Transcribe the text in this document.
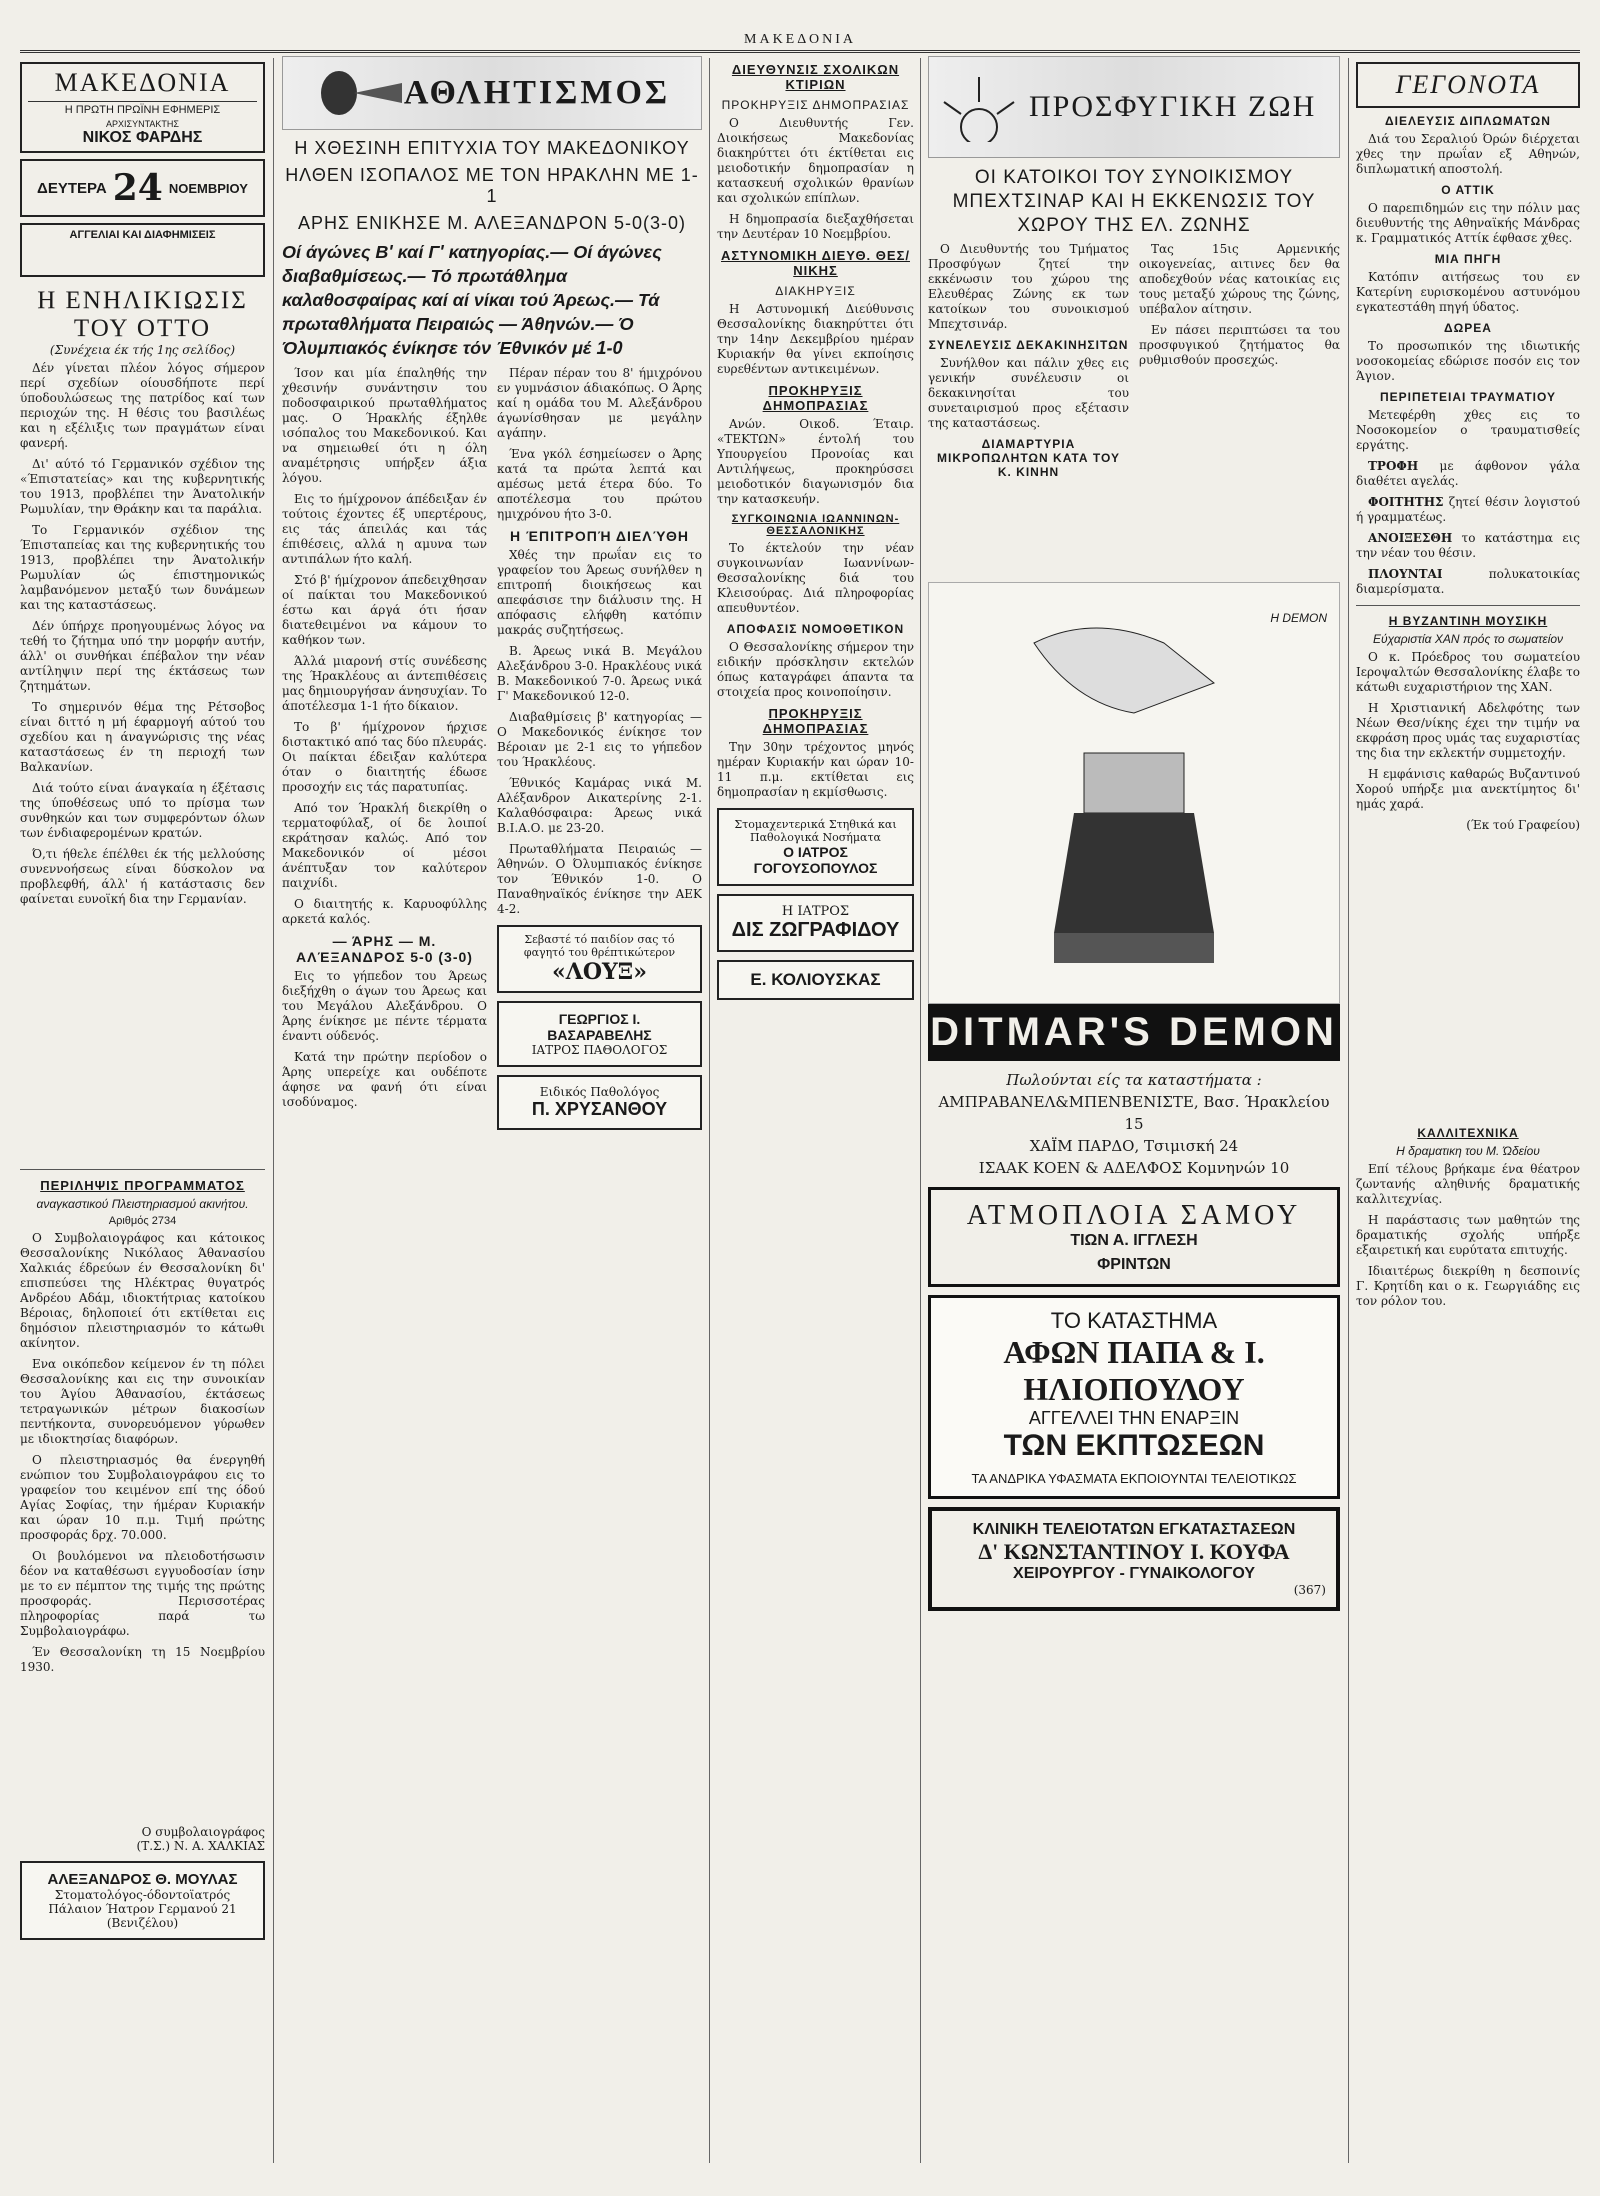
ΜΑΚΕΔΟΝΙΑ
ΜΑΚΕΔΟΝΙΑ
Η ΠΡΩΤΗ ΠΡΩΪΝΗ ΕΦΗΜΕΡΙΣ
ΑΡΧΙΣΥΝΤΑΚΤΗΣ
ΝΙΚΟΣ ΦΑΡΔΗΣ
ΔΕΥΤΕΡΑ 24 ΝΟΕΜΒΡΙΟΥ
ΑΓΓΕΛΙΑΙ ΚΑΙ ΔΙΑΦΗΜΙΣΕΙΣ
Η ΕΝΗΛΙΚΙΩΣΙΣ ΤΟΥ ΟΤΤΟ
(Συνέχεια έκ τής 1ης σελίδος)

Δέν γίνεται πλέον λόγος σήμερον περί σχεδίων οίουσδήποτε περί ύποδουλώσεως της πατρίδος καί των περιοχών της. Η θέσις του βασιλέως και η εξέλιξις των πραγμάτων είναι φανερή.

Δι' αύτό τό Γερμανικόν σχέδιον της «Έπιστατείας» και της κυβερνητικής του 1913, προβλέπει την Άνατολικήν Ρωμυλίαν, την Θράκην και τα παράλια.

Το Γερμανικόν σχέδιον της Έπισταπείας και της κυβερνητικής του 1913, προβλέπει την Άνατολικήν Ρωμυλίαν ώς έπιστημονικώς λαμβανόμενον μεταξύ των δυνάμεων και της καταστάσεως.

Δέν ύπήρχε προηγουμένως λόγος να τεθή το ζήτημα υπό την μορφήν αυτήν, άλλ' οι συνθήκαι έπέβαλον την νέαν αντίληψιν περί της έκτάσεως των ζητημάτων.

Το σημερινόν θέμα της Ρέτσοβος είναι διττό η μή έφαρμογή αύτού του σχεδίου και η άναγνώρισις της νέας καταστάσεως έν τη περιοχή των Βαλκανίων.

Διά τούτο είναι άναγκαία η έξέτασις της ύποθέσεως υπό το πρίσμα των συνθηκών και των συμφερόντων όλων των ένδιαφερομένων κρατών.

Ό,τι ήθελε έπέλθει έκ τής μελλούσης συνεννοήσεως είναι δύσκολον να προβλεφθή, άλλ' ή κατάστασις δεν φαίνεται ευνοϊκή δια την Γερμανίαν.

ΠΕΡΙΛΗΨΙΣ ΠΡΟΓΡΑΜΜΑΤΟΣ
αναγκαστικού Πλειστηριασμού ακινήτου.
Αριθμός 2734

Ο Συμβολαιογράφος και κάτοικος Θεσσαλονίκης Νικόλαος Άθανασίου Χαλκιάς έδρεύων έν Θεσσαλονίκη δι' επισπεύσει της Ηλέκτρας θυγατρός Ανδρέου Αδάμ, ιδιοκτήτριας κατοίκου Βέροιας, δηλοποιεί ότι εκτίθεται εις δημόσιον πλειστηριασμόν το κάτωθι ακίνητον.

Ενα οικόπεδον κείμενον έν τη πόλει Θεσσαλονίκης και εις την συνοικίαν του Άγίου Άθανασίου, έκτάσεως τετραγωνικών μέτρων διακοσίων πεντήκοντα, συνορευόμενον γύρωθεν με ιδιοκτησίας διαφόρων.

Ο πλειστηριασμός θα ένεργηθή ενώπιον του Συμβολαιογράφου εις το γραφείον του κειμένον επί της όδού Αγίας Σοφίας, την ήμέραν Κυριακήν και ώραν 10 π.μ. Τιμή πρώτης προσφοράς δρχ. 70.000.

Οι βουλόμενοι να πλειοδοτήσωσιν δέον να καταθέσωσι εγγυοδοσίαν ίσην με το εν πέμπτον της τιμής της πρώτης προσφοράς. Περισσοτέρας πληροφορίας παρά τω Συμβολαιογράφω.

Έν Θεσσαλονίκη τη 15 Νοεμβρίου 1930.

Ο συμβολαιογράφος
(Τ.Σ.) Ν. Α. ΧΑΛΚΙΑΣ
ΑΛΕΞΑΝΔΡΟΣ Θ. ΜΟΥΛΑΣ
Στοματολόγος-όδοντοϊατρός
Πάλαιον Ήατρον Γερμανού 21 (Βενιζέλου)
ΑΘΛΗΤΙΣΜΟΣ
Η ΧΘΕΣΙΝΗ ΕΠΙΤΥΧΙΑ ΤΟΥ ΜΑΚΕΔΟΝΙΚΟΥ
ΗΛΘΕΝ ΙΣΟΠΑΛΟΣ ΜΕ ΤΟΝ ΗΡΑΚΛΗΝ ΜΕ 1-1
ΑΡΗΣ ΕΝΙΚΗΣΕ Μ. ΑΛΕΞΑΝΔΡΟΝ 5-0(3-0)
Οί άγώνες Β' καί Γ' κατηγορίας.— Οί άγώνες διαβαθμίσεως.— Τό πρωτάθλημα καλαθοσφαίρας καί αί νίκαι τού Άρεως.— Τά πρωταθλήματα Πειραιώς — Άθηνών.— Ό Όλυμπιακός ένίκησε τόν Έθνικόν μέ 1-0

Ίσον και μία έπαληθής την χθεσινήν συνάντησιν του ποδοσφαιρικού πρωταθλήματος μας. Ο Ήρακλής έξηλθε ισόπαλος του Μακεδονικού. Και να σημειωθεί ότι η όλη αναμέτρησις υπήρξεν άξια λόγου.

Εις το ήμίχρονον άπέδειξαν έν τούτοις έχοντες έξ υπερτέρους, εις τάς άπειλάς και τάς έπιθέσεις, αλλά η αμυνα των αντιπάλων ήτο καλή.

Στό β' ήμίχρονον άπεδειχθησαν οί παίκται του Μακεδονικού έστω και άργά ότι ήσαν διατεθειμένοι να κάμουν το καθήκον των.

Άλλά μιαρονή στίς συνέδεσης της Ήρακλέους αι άντεπιθέσεις μας δημιουργήσαν άνησυχίαν. Το άποτέλεσμα 1-1 ήτο δίκαιον.

Το β' ήμίχρονον ήρχισε διστακτικό από τας δύο πλευράς. Οι παίκται έδειξαν καλύτερα όταν ο διαιτητής έδωσε προσοχήν εις τάς παρατυπίας.

Από τον Ήρακλή διεκρίθη ο τερματοφύλαξ, οί δε λοιποί εκράτησαν καλώς. Από τον Μακεδονικόν οί μέσοι άνέπτυξαν τον καλύτερον παιχνίδι.

Ο διαιτητής κ. Καρυοφύλλης αρκετά καλός.

— ΆΡΗΣ — Μ. ΑΛΈΞΑΝΔΡΟΣ 5-0 (3-0)

Εις το γήπεδον του Άρεως διεξήχθη ο άγων του Άρεως και του Μεγάλου Αλεξάνδρου. Ο Άρης ένίκησε με πέντε τέρματα έναντι ούδενός.

Κατά την πρώτην περίοδον ο Άρης υπερείχε και ουδέποτε άφησε να φανή ότι είναι ισοδύναμος.

Πέραν πέραν του 8' ήμιχρόνου εν γυμνάσιον άδιακόπως. Ο Άρης καί η ομάδα του Μ. Αλεξάνδρου άγωνίσθησαν με μεγάλην αγάπην.

Ένα γκόλ έσημείωσεν ο Άρης κατά τα πρώτα λεπτά και αμέσως μετά έτερα δύο. Το αποτέλεσμα του πρώτου ημιχρόνου ήτο 3-0.

Η ΈΠΙΤΡΟΠΉ ΔΙΕΛΎΘΗ

Χθές την πρωΐαν εις το γραφείον του Άρεως συνήλθεν η επιτροπή διοικήσεως και απεφάσισε την διάλυσιν της. Η απόφασις ελήφθη κατόπιν μακράς συζητήσεως.

Β. Άρεως νικά Β. Μεγάλου Αλεξάνδρου 3-0. Ηρακλέους νικά Β. Μακεδονικού 7-0. Άρεως νικά Γ' Μακεδονικού 12-0.

Διαβαθμίσεις β' κατηγορίας — Ο Μακεδονικός ένίκησε τον Βέροιαν με 2-1 εις το γήπεδον του Ήρακλέους.

Έθνικός Καμάρας νικά Μ. Αλέξανδρον Αικατερίνης 2-1. Καλαθόσφαιρα: Άρεως νικά Β.Ι.Α.Ο. με 23-20.

Πρωταθλήματα Πειραιώς — Άθηνών. Ο Όλυμπιακός ένίκησε τον Έθνικόν 1-0. Ο Παναθηναϊκός ένίκησε την ΑΕΚ 4-2.

Σεβαστέ τό παιδίον σας τό φαγητό του θρέπτικώτερον
«ΛΟΥΞ»
ΓΕΩΡΓΙΟΣ Ι. ΒΑΣΑΡΑΒΕΛΗΣ
ΙΑΤΡΟΣ ΠΑΘΟΛΟΓΟΣ
Ειδικός Παθολόγος
Π. ΧΡΥΣΑΝΘΟΥ
ΔΙΕΥΘΥΝΣΙΣ ΣΧΟΛΙΚΩΝ ΚΤΙΡΙΩΝ
ΠΡΟΚΗΡΥΞΙΣ ΔΗΜΟΠΡΑΣΙΑΣ

Ο Διευθυντής Γεν. Διοικήσεως Μακεδονίας διακηρύττει ότι έκτίθεται εις μειοδοτικήν δημοπρασίαν η κατασκευή σχολικών θρανίων και σχολικών επίπλων.

Η δημοπρασία διεξαχθήσεται την Δευτέραν 10 Νοεμβρίου.

ΑΣΤΥΝΟΜΙΚΗ ΔΙΕΥΘ. ΘΕΣ/ΝΙΚΗΣ
ΔΙΑΚΗΡΥΞΙΣ

Η Αστυνομική Διεύθυνσις Θεσσαλονίκης διακηρύττει ότι την 14ην Δεκεμβρίου ημέραν Κυριακήν θα γίνει εκποίησις ευρεθέντων αντικειμένων.

ΠΡΟΚΗΡΥΞΙΣ ΔΗΜΟΠΡΑΣΙΑΣ

Ανών. Οικοδ. Έταιρ. «ΤΕΚΤΩΝ» έντολή του Υπουργείου Προνοίας και Αντιλήψεως, προκηρύσσει μειοδοτικόν διαγωνισμόν δια την κατασκευήν.

ΣΥΓΚΟΙΝΩΝΙΑ ΙΩΑΝΝΙΝΩΝ-ΘΕΣΣΑΛΟΝΙΚΗΣ

Το έκτελούν την νέαν συγκοινωνίαν Ιωαννίνων-Θεσσαλονίκης διά του Κλεισούρας. Διά πληροφορίας απευθυντέον.

ΑΠΟΦΑΣΙΣ ΝΟΜΟΘΕΤΙΚΟΝ

Ο Θεσσαλονίκης σήμερον την ειδικήν πρόσκλησιν εκτελών όπως καταγράφει άπαντα τα στοιχεία προς κοινοποίησιν.

ΠΡΟΚΗΡΥΞΙΣ ΔΗΜΟΠΡΑΣΙΑΣ

Την 30ην τρέχοντος μηνός ημέραν Κυριακήν και ώραν 10-11 π.μ. εκτίθεται εις δημοπρασίαν η εκμίσθωσις.

Στομαχεντερικά Στηθικά και Παθολογικά Νοσήματα
Ο ΙΑΤΡΟΣ ΓΟΓΟΥΣΟΠΟΥΛΟΣ
Η ΙΑΤΡΟΣ
ΔΙΣ ΖΩΓΡΑΦΙΔΟΥ
Ε. ΚΟΛΙΟΥΣΚΑΣ
ΠΡΟΣΦΥΓΙΚΗ ΖΩΗ
ΟΙ ΚΑΤΟΙΚΟΙ ΤΟΥ ΣΥΝΟΙΚΙΣΜΟΥ ΜΠΕΧΤΣΙΝΑΡ ΚΑΙ Η ΕΚΚΕΝΩΣΙΣ ΤΟΥ ΧΩΡΟΥ ΤΗΣ ΕΛ. ΖΩΝΗΣ

Ο Διευθυντής του Τμήματος Προσφύγων ζητεί την εκκένωσιν του χώρου της Ελευθέρας Ζώνης εκ των κατοίκων του συνοικισμού Μπεχτσινάρ.

ΣΥΝΕΛΕΥΣΙΣ ΔΕΚΑΚΙΝΗΣΙΤΩΝ

Συνήλθον και πάλιν χθες εις γενικήν συνέλευσιν οι δεκακινησίται του συνεταιρισμού προς εξέτασιν της καταστάσεως.

ΔΙΑΜΑΡΤΥΡΙΑ ΜΙΚΡΟΠΩΛΗΤΩΝ ΚΑΤΑ ΤΟΥ Κ. ΚΙΝΗΝ

Τας 15ις Αρμενικής οικογενείας, αιτινες δεν θα αποδεχθούν νέας κατοικίας εις τους μεταξύ χώρους της ζώνης, υπέβαλον αίτησιν.

Εν πάσει περιπτώσει τα του προσφυγικού ζητήματος θα ρυθμισθούν προσεχώς.

Η DEMON
DITMAR'S DEMON
Πωλούνται είς τα καταστήματα :
ΑΜΠΡΑΒΑΝΕΛ&ΜΠΕΝΒΕΝΙΣΤΕ, Βασ. Ήρακλείου 15
ΧΑΪΜ ΠΑΡΔΟ, Τσιμισκή 24
ΙΣΑΑΚ ΚΟΕΝ & ΑΔΕΛΦΟΣ Κομνηνών 10
ΑΤΜΟΠΛΟΙΑ ΣΑΜΟΥ
ΤΙΩΝ Α. ΙΓΓΛΕΣΗ
ΦΡΙΝΤΩΝ
ΤΟ ΚΑΤΑΣΤΗΜΑ
ΑΦΩΝ ΠΑΠΑ & Ι. ΗΛΙΟΠΟΥΛΟΥ
ΑΓΓΕΛΛΕΙ ΤΗΝ ΕΝΑΡΞΙΝ
ΤΩΝ ΕΚΠΤΩΣΕΩΝ
ΤΑ ΑΝΔΡΙΚΑ ΥΦΑΣΜΑΤΑ ΕΚΠΟΙΟΥΝΤΑΙ ΤΕΛΕΙΟΤΙΚΩΣ
ΚΛΙΝΙΚΗ ΤΕΛΕΙΟΤΑΤΩΝ ΕΓΚΑΤΑΣΤΑΣΕΩΝ
Δ' ΚΩΝΣΤΑΝΤΙΝΟΥ Ι. ΚΟΥΦΑ
ΧΕΙΡΟΥΡΓΟΥ - ΓΥΝΑΙΚΟΛΟΓΟΥ
(367)
ΓΕΓΟΝΟΤΑ
ΔΙΕΛΕΥΣΙΣ ΔΙΠΛΩΜΑΤΩΝ

Διά του Σεραλιού Όρών διέρχεται χθες την πρωΐαν εξ Αθηνών, διπλωματική αποστολή.

Ο ΑΤΤΙΚ

Ο παρεπιδημών εις την πόλιν μας διευθυντής της Αθηναϊκής Μάνδρας κ. Γραμματικός Αττίκ έφθασε χθες.

ΜΙΑ ΠΗΓΗ

Κατόπιν αιτήσεως του εν Κατερίνη ευρισκομένου αστυνόμου εγκατεστάθη πηγή ύδατος.

ΔΩΡΕΑ

Το προσωπικόν της ιδιωτικής νοσοκομείας εδώρισε ποσόν εις τον Άγιον.

ΠΕΡΙΠΕΤΕΙΑΙ ΤΡΑΥΜΑΤΙΟΥ

Μετεφέρθη χθες εις το Νοσοκομείον ο τραυματισθείς εργάτης.

ΤΡΟΦΗ με άφθονον γάλα διαθέτει αγελάς.

ΦΟΙΤΗΤΗΣ ζητεί θέσιν λογιστού ή γραμματέως.

ΑΝΟΙΞΕΣΘΗ το κατάστημα εις την νέαν του θέσιν.

ΠΛΟΥΝΤΑΙ πολυκατοικίας διαμερίσματα.

Η ΒΥΖΑΝΤΙΝΗ ΜΟΥΣΙΚΗ
Εύχαριστία ΧΑΝ πρός το σωματείον

Ο κ. Πρόεδρος του σωματείου Ιεροψαλτών Θεσσαλονίκης έλαβε το κάτωθι ευχαριστήριον της ΧΑΝ.

Η Χριστιανική Αδελφότης των Νέων Θεσ/νίκης έχει την τιμήν να εκφράση προς υμάς τας ευχαριστίας της δια την εκλεκτήν συμμετοχήν.

Η εμφάνισις καθαρώς Βυζαντινού Χορού υπήρξε μια ανεκτίμητος δι' ημάς χαρά.

(Έκ τού Γραφείου)
ΚΑΛΛΙΤΕΧΝΙΚΑ
Η δραματικη του Μ. Ώδείου

Επί τέλους βρήκαμε ένα θέατρον ζωντανής αληθινής δραματικής καλλιτεχνίας.

Η παράστασις των μαθητών της δραματικής σχολής υπήρξε εξαιρετική και ευρύτατα επιτυχής.

Ιδιαιτέρως διεκρίθη η δεσποινίς Γ. Κρητίδη και ο κ. Γεωργιάδης εις τον ρόλον του.
